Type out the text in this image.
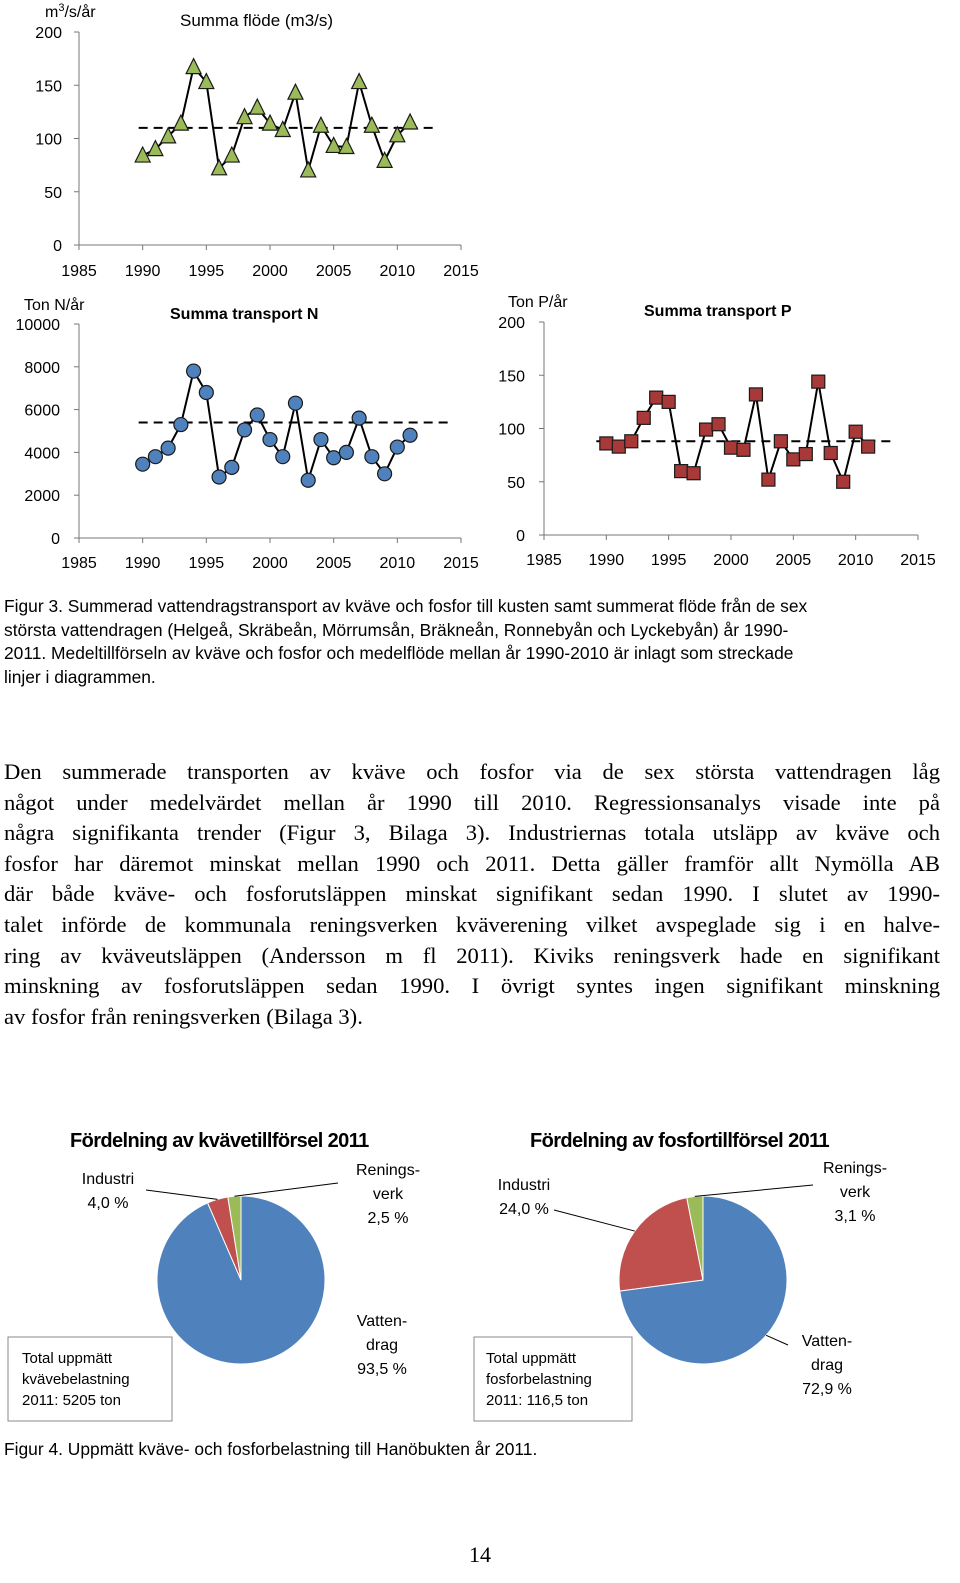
$m^3/s/år$	Summa flöde (m3/s)
0
50
100
150
200
1985 1990 1995 2000 2005 2010 2015
Ton N/år
Summa transport N
0
2000
4000
6000
8000
10000
1985 1990 1995 2000 2005 2010 2015
Ton P/år
Summa transport P
0
50
100
150
200
1985 1990 1995 2000 2005 2010 2015
Figur 3. Summerad vattendragstransport av kväve och fosfor till kusten samt summerat flöde från de sex
största vattendragen (Helgeå, Skräbeån, Mörrumsån, Bräkneån, Ronnebyån och Lyckebyån) år 1990-
2011. Medeltillförseln av kväve och fosfor och medelflöde mellan år 1990-2010 är inlagt som streckade
linjer i diagrammen.
Den summerade transporten av kväve och fosfor via de sex största vattendragen låg
något under medelvärdet mellan år 1990 till 2010. Regressionsanalys visade inte på
några signifikanta trender (Figur 3, Bilaga 3). Industriernas totala utsläpp av kväve och
fosfor har däremot minskat mellan 1990 och 2011. Detta gäller framför allt Nymölla AB
där både kväve- och fosforutsläppen minskat signifikant sedan 1990. I slutet av 1990-
talet införde de kommunala reningsverken kväverening vilket avspeglade sig i en halve-
ring av kväveutsläppen (Andersson m fl 2011). Kiviks reningsverk hade en signifikant
minskning av fosforutsläppen sedan 1990. I övrigt syntes ingen signifikant minskning
av fosfor från reningsverken (Bilaga 3).
Fördelning av kvävetillförsel 2011
Vatten-drag 93,5 %
Industri 4,0 %
Renings-verk 2,5 %
Total uppmätt kvävebelastning 2011: 5205 ton
Fördelning av fosfortillförsel 2011
Vatten-drag 72,9 %
Industri 24,0 %
Renings-verk 3,1 %
Total uppmätt fosforbelastning 2011: 116,5 ton
Figur 4. Uppmätt kväve- och fosforbelastning till Hanöbukten år 2011.
14
